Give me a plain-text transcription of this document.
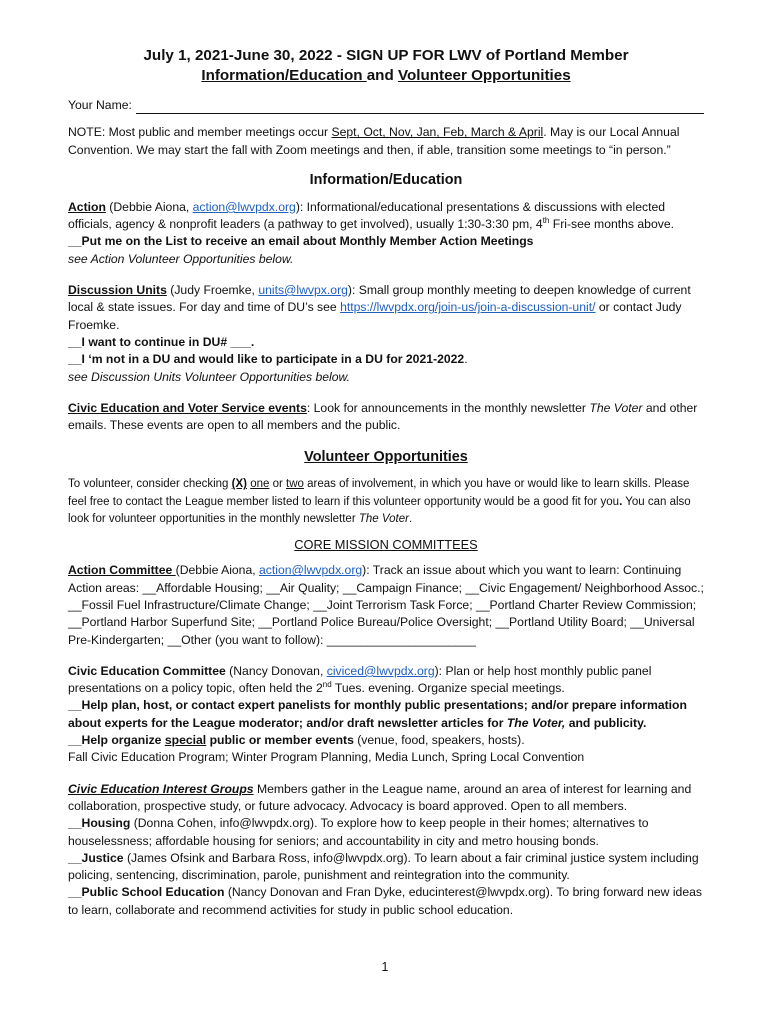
July 1, 2021-June 30, 2022 - SIGN UP FOR LWV of Portland Member
Information/Education and Volunteer Opportunities

Your Name:

NOTE: Most public and member meetings occur Sept, Oct, Nov, Jan, Feb, March & April. May is our Local Annual Convention. We may start the fall with Zoom meetings and then, if able, transition some meetings to “in person.”

Information/Education

Action (Debbie Aiona, action@lwvpdx.org): Informational/educational presentations & discussions with elected officials, agency & nonprofit leaders (a pathway to get involved), usually 1:30-3:30 pm, 4th Fri-see months above.

__Put me on the List to receive an email about Monthly Member Action Meetings

see Action Volunteer Opportunities below.

Discussion Units (Judy Froemke, units@lwvpx.org): Small group monthly meeting to deepen knowledge of current local & state issues. For day and time of DU’s see https://lwvpdx.org/join-us/join-a-discussion-unit/ or contact Judy Froemke.

__I want to continue in DU# ___.

__I ‘m not in a DU and would like to participate in a DU for 2021-2022.

see Discussion Units Volunteer Opportunities below.

Civic Education and Voter Service events: Look for announcements in the monthly newsletter The Voter and other emails. These events are open to all members and the public.

Volunteer Opportunities

To volunteer, consider checking (X) one or two areas of involvement, in which you have or would like to learn skills. Please feel free to contact the League member listed to learn if this volunteer opportunity would be a good fit for you. You can also look for volunteer opportunities in the monthly newsletter The Voter.

CORE MISSION COMMITTEES

Action Committee (Debbie Aiona, action@lwvpdx.org): Track an issue about which you want to learn: Continuing Action areas: __Affordable Housing; __Air Quality; __Campaign Finance; __Civic Engagement/ Neighborhood Assoc.; __Fossil Fuel Infrastructure/Climate Change; __Joint Terrorism Task Force; __Portland Charter Review Commission; __Portland Harbor Superfund Site; __Portland Police Bureau/Police Oversight; __Portland Utility Board; __Universal Pre-Kindergarten; __Other (you want to follow): ______________________

Civic Education Committee (Nancy Donovan, civiced@lwvpdx.org): Plan or help host monthly public panel presentations on a policy topic, often held the 2nd Tues. evening. Organize special meetings.

__Help plan, host, or contact expert panelists for monthly public presentations; and/or prepare information about experts for the League moderator; and/or draft newsletter articles for The Voter, and publicity.

__Help organize special public or member events (venue, food, speakers, hosts).

Fall Civic Education Program; Winter Program Planning, Media Lunch, Spring Local Convention

Civic Education Interest Groups Members gather in the League name, around an area of interest for learning and collaboration, prospective study, or future advocacy. Advocacy is board approved. Open to all members.

__Housing (Donna Cohen, info@lwvpdx.org). To explore how to keep people in their homes; alternatives to houselessness; affordable housing for seniors; and accountability in city and metro housing bonds.

__Justice (James Ofsink and Barbara Ross, info@lwvpdx.org). To learn about a fair criminal justice system including policing, sentencing, discrimination, parole, punishment and reintegration into the community.

__Public School Education (Nancy Donovan and Fran Dyke, educinterest@lwvpdx.org). To bring forward new ideas to learn, collaborate and recommend activities for study in public school education.

1
